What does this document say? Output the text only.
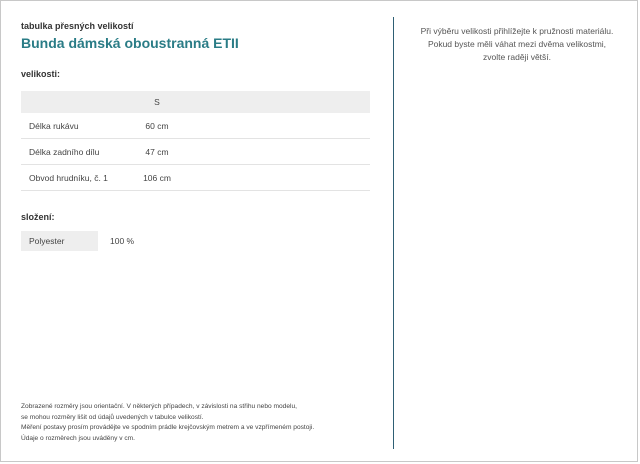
tabulka přesných velikostí
Bunda dámská oboustranná ETII
velikosti:
	S	
Délka rukávu	60 cm	
Délka zadního dílu	47 cm	
Obvod hrudníku, č. 1	106 cm	
složení:
Polyester	100 %
Při výběru velikosti přihlížejte k pružnosti materiálu.
Pokud byste měli váhat mezi dvěma velikostmi,
zvolte raději větší.
Zobrazené rozměry jsou orientační. V některých případech, v závislosti na střihu nebo modelu,
se mohou rozměry lišit od údajů uvedených v tabulce velikostí.
Měření postavy prosím provádějte ve spodním prádle krejčovským metrem a ve vzpřímeném postoji.
Údaje o rozměrech jsou uváděny v cm.
